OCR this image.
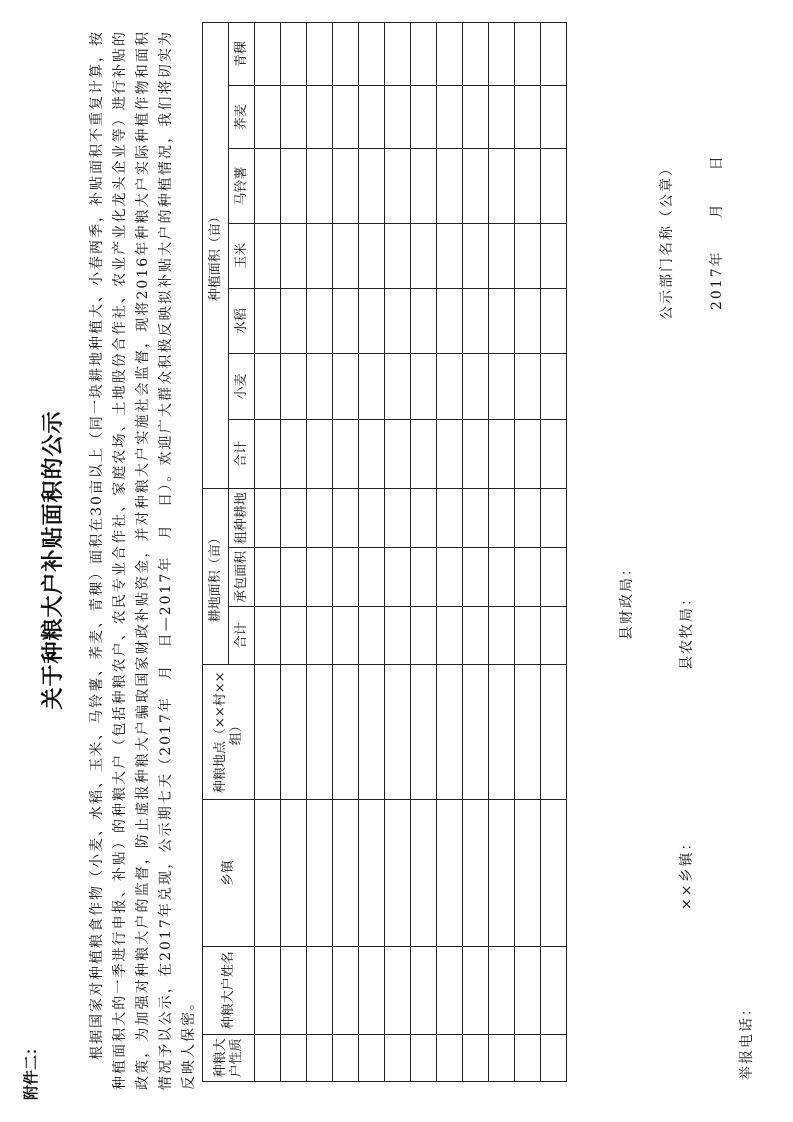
附件二：
关于种粮大户补贴面积的公示 根据国家对种植粮食作物（小麦、水稻、玉米、马铃薯、荞麦、青稞）面积在30亩以上（同一块耕地种植大、小春两季，补贴面积不重复计算，按种植面积大的一季进行申报、补贴）的种粮大户（包括种粮农户、农民专业合作社、家庭农场、土地股份合作社、农业产业化龙头企业等）进行补贴的政策，为加强对种粮大户的监督，防止虚报种粮大户骗取国家财政补贴资金，并对种粮大户实施社会监督，现将2016年种粮大户实际种植作物和面积情况予以公示，在2017年兑现，公示期七天（2017年　月　日—2017年　月　日）。欢迎广大群众积极反映拟补贴大户的种植情况，我们将切实为反映人保密。	种粮大户性质	种粮大户姓名	乡镇	种粮地点（××村××组）	耕地面积（亩）			种植面积（亩）						
				合计	承包面积	租种耕地	合计	小麦	水稻	玉米	马铃薯	荞麦	青稞

县财政局：
××乡镇：
县农牧局：
公示部门名称（公章） 2017年　　月　　日
举报电话：
